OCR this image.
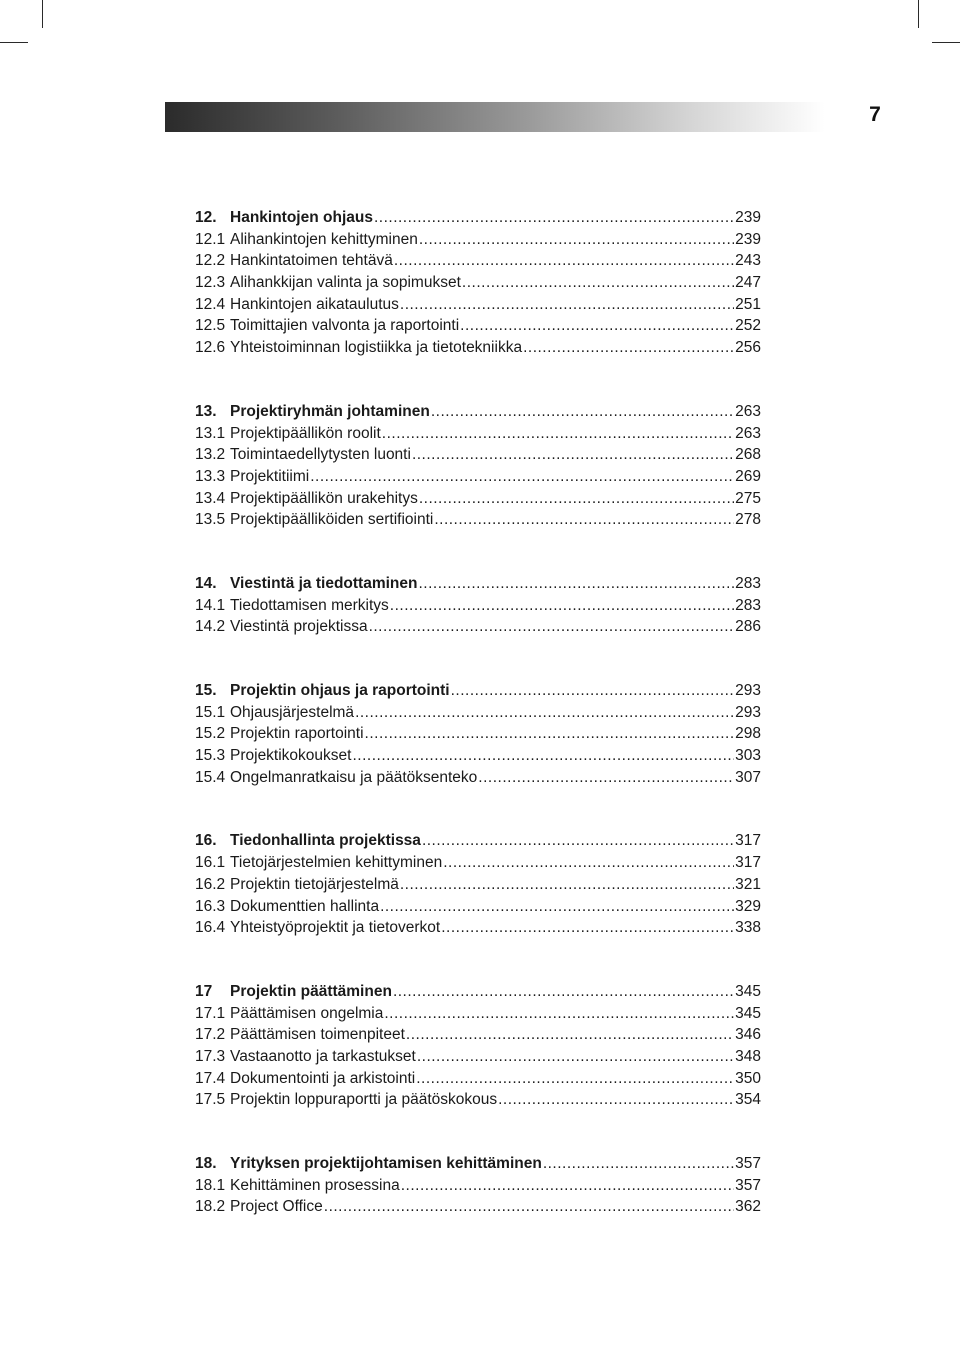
7
12. Hankintojen ohjaus .....	239
12.1 Alihankintojen kehittyminen .....	239
12.2 Hankintatoimen tehtävä .....	243
12.3 Alihankkijan valinta ja sopimukset .....	247
12.4 Hankintojen aikataulutus .....	251
12.5 Toimittajien valvonta ja raportointi .....	252
12.6 Yhteistoiminnan logistiikka ja tietotekniikka .....	256
13. Projektiryhmän johtaminen .....	263
13.1 Projektipäällikön roolit .....	263
13.2 Toimintaedellytysten luonti .....	268
13.3 Projektitiimi .....	269
13.4 Projektipäällikön urakehitys .....	275
13.5 Projektipäälliköiden sertifiointi .....	278
14. Viestintä ja tiedottaminen .....	283
14.1 Tiedottamisen merkitys .....	283
14.2 Viestintä projektissa .....	286
15. Projektin ohjaus ja raportointi .....	293
15.1 Ohjausjärjestelmä .....	293
15.2 Projektin raportointi .....	298
15.3 Projektikokoukset .....	303
15.4 Ongelmanratkaisu ja päätöksenteko .....	307
16. Tiedonhallinta projektissa .....	317
16.1 Tietojärjestelmien kehittyminen .....	317
16.2 Projektin tietojärjestelmä .....	321
16.3 Dokumenttien hallinta .....	329
16.4 Yhteistyöprojektit ja tietoverkot .....	338
17	Projektin päättäminen .....	345
17.1 Päättämisen ongelmia .....	345
17.2 Päättämisen toimenpiteet .....	346
17.3 Vastaanotto ja tarkastukset .....	348
17.4 Dokumentointi ja arkistointi .....	350
17.5 Projektin loppuraportti ja päätöskokous .....	354
18. Yrityksen projektijohtamisen kehittäminen .....	357
18.1 Kehittäminen prosessina .....	357
18.2 Project Office .....	362
